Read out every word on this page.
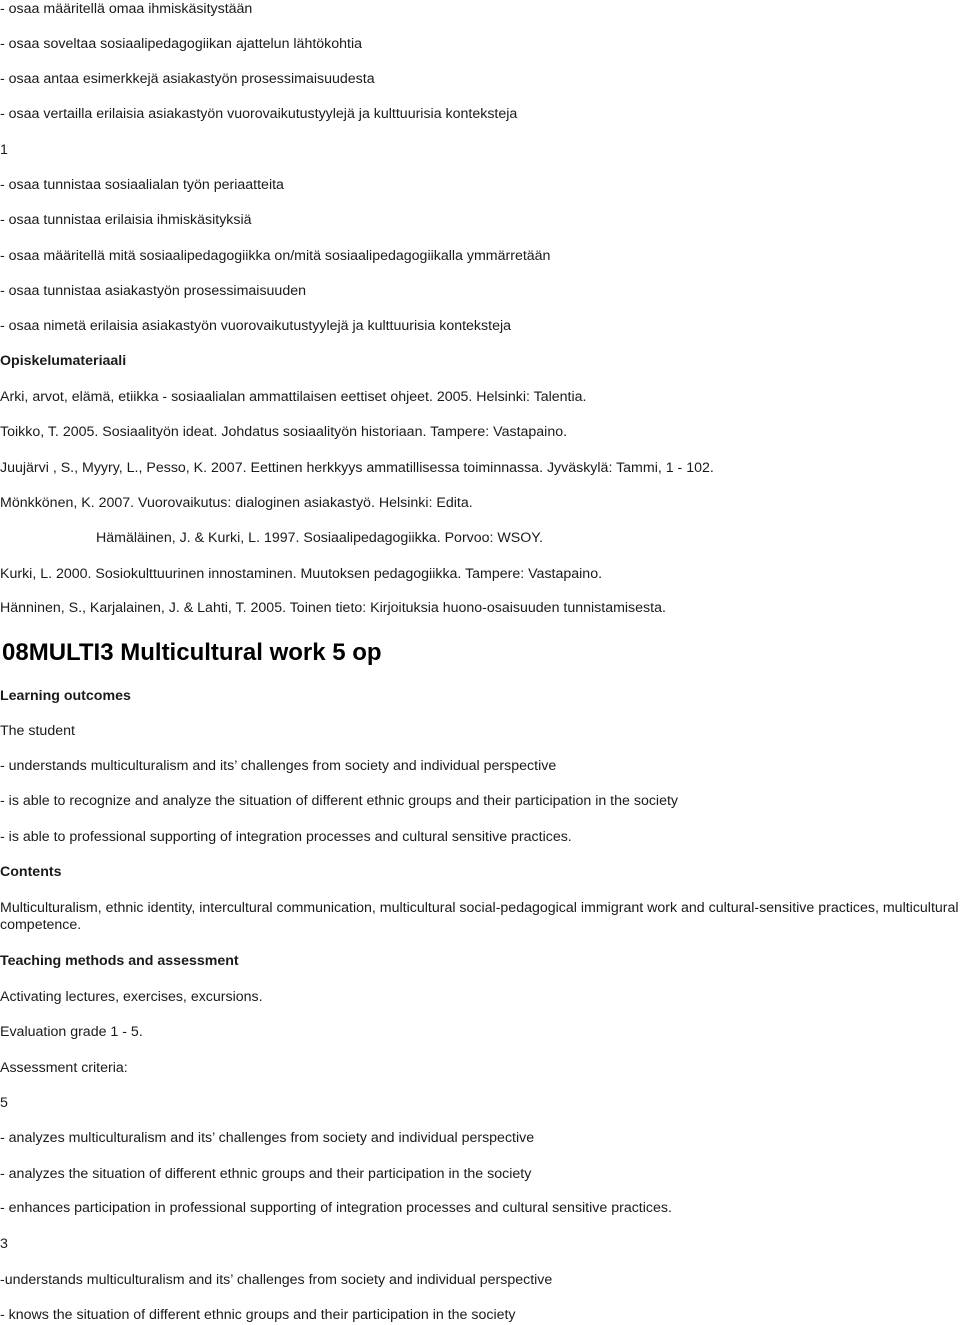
- osaa määritellä omaa ihmiskäsitystään
- osaa soveltaa sosiaalipedagogiikan ajattelun lähtökohtia
- osaa antaa esimerkkejä asiakastyön prosessimaisuudesta
- osaa vertailla erilaisia asiakastyön vuorovaikutustyylejä ja kulttuurisia konteksteja
1
- osaa tunnistaa sosiaalialan työn periaatteita
- osaa tunnistaa erilaisia ihmiskäsityksiä
- osaa määritellä mitä sosiaalipedagogiikka on/mitä sosiaalipedagogiikalla ymmärretään
- osaa tunnistaa asiakastyön prosessimaisuuden
- osaa nimetä erilaisia asiakastyön vuorovaikutustyylejä ja kulttuurisia konteksteja
Opiskelumateriaali
Arki, arvot, elämä, etiikka - sosiaalialan ammattilaisen eettiset ohjeet. 2005. Helsinki: Talentia.
Toikko, T. 2005. Sosiaalityön ideat. Johdatus sosiaalityön historiaan. Tampere: Vastapaino.
Juujärvi , S., Myyry, L., Pesso, K. 2007. Eettinen herkkyys ammatillisessa toiminnassa. Jyväskylä: Tammi, 1 - 102.
Mönkkönen, K. 2007. Vuorovaikutus: dialoginen asiakastyö. Helsinki: Edita.
Hämäläinen, J. & Kurki, L. 1997. Sosiaalipedagogiikka. Porvoo: WSOY.
Kurki, L. 2000. Sosiokulttuurinen innostaminen. Muutoksen pedagogiikka. Tampere: Vastapaino.
Hänninen, S., Karjalainen, J. & Lahti, T. 2005. Toinen tieto: Kirjoituksia huono-osaisuuden tunnistamisesta.
08MULTI3 Multicultural work 5 op
Learning outcomes
The student
- understands multiculturalism and its’ challenges from society and individual perspective
- is able to recognize and analyze the situation of different ethnic groups and their participation in the society
- is able to professional supporting of integration processes and cultural sensitive practices.
Contents
Multiculturalism, ethnic identity, intercultural communication, multicultural social-pedagogical immigrant work and cultural-sensitive practices, multicultural competence.
Teaching methods and assessment
Activating lectures, exercises, excursions.
Evaluation grade 1 - 5.
Assessment criteria:
5
- analyzes multiculturalism and its’ challenges from society and individual perspective
- analyzes the situation of different ethnic groups and their participation in the society
- enhances participation in professional supporting of integration processes and cultural sensitive practices.
3
-understands multiculturalism and its’ challenges from society and individual perspective
- knows the situation of different ethnic groups and their participation in the society
